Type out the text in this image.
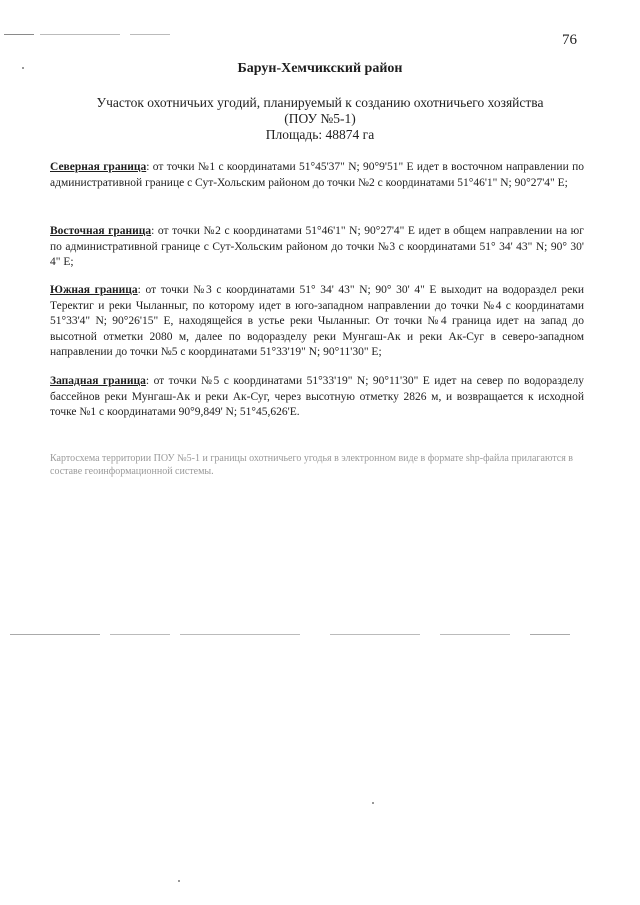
76
Барун-Хемчикский район
Участок охотничьих угодий, планируемый к созданию охотничьего хозяйства
(ПОУ №5-1)
Площадь: 48874 га
Северная граница: от точки №1 с координатами 51°45'37" N; 90°9'51" E идет в восточном направлении по административной границе с Сут-Хольским районом до точки №2 с координатами 51°46'1" N; 90°27'4" E;
Восточная граница: от точки №2 с координатами 51°46'1" N; 90°27'4" E идет в общем направлении на юг по административной границе с Сут-Хольским районом до точки №3 с координатами 51° 34' 43" N; 90° 30' 4" E;
Южная граница: от точки №3 с координатами 51° 34' 43" N; 90° 30' 4" E выходит на водораздел реки Теректиг и реки Чыланныг, по которому идет в юго-западном направлении до точки №4 с координатами 51°33'4" N; 90°26'15" E, находящейся в устье реки Чыланныг. От точки №4 граница идет на запад до высотной отметки 2080 м, далее по водоразделу реки Мунгаш-Ак и реки Ак-Суг в северо-западном направлении до точки №5 с координатами 51°33'19" N; 90°11'30" E;
Западная граница: от точки №5 с координатами 51°33'19" N; 90°11'30" E идет на север по водоразделу бассейнов реки Мунгаш-Ак и реки Ак-Суг, через высотную отметку 2826 м, и возвращается к исходной точке №1 с координатами 90°9,849' N; 51°45,626'E.
Картосхема территории ПОУ №5-1 и границы охотничьего угодья в электронном виде в формате shp-файла прилагаются в составе геоинформационной системы.
